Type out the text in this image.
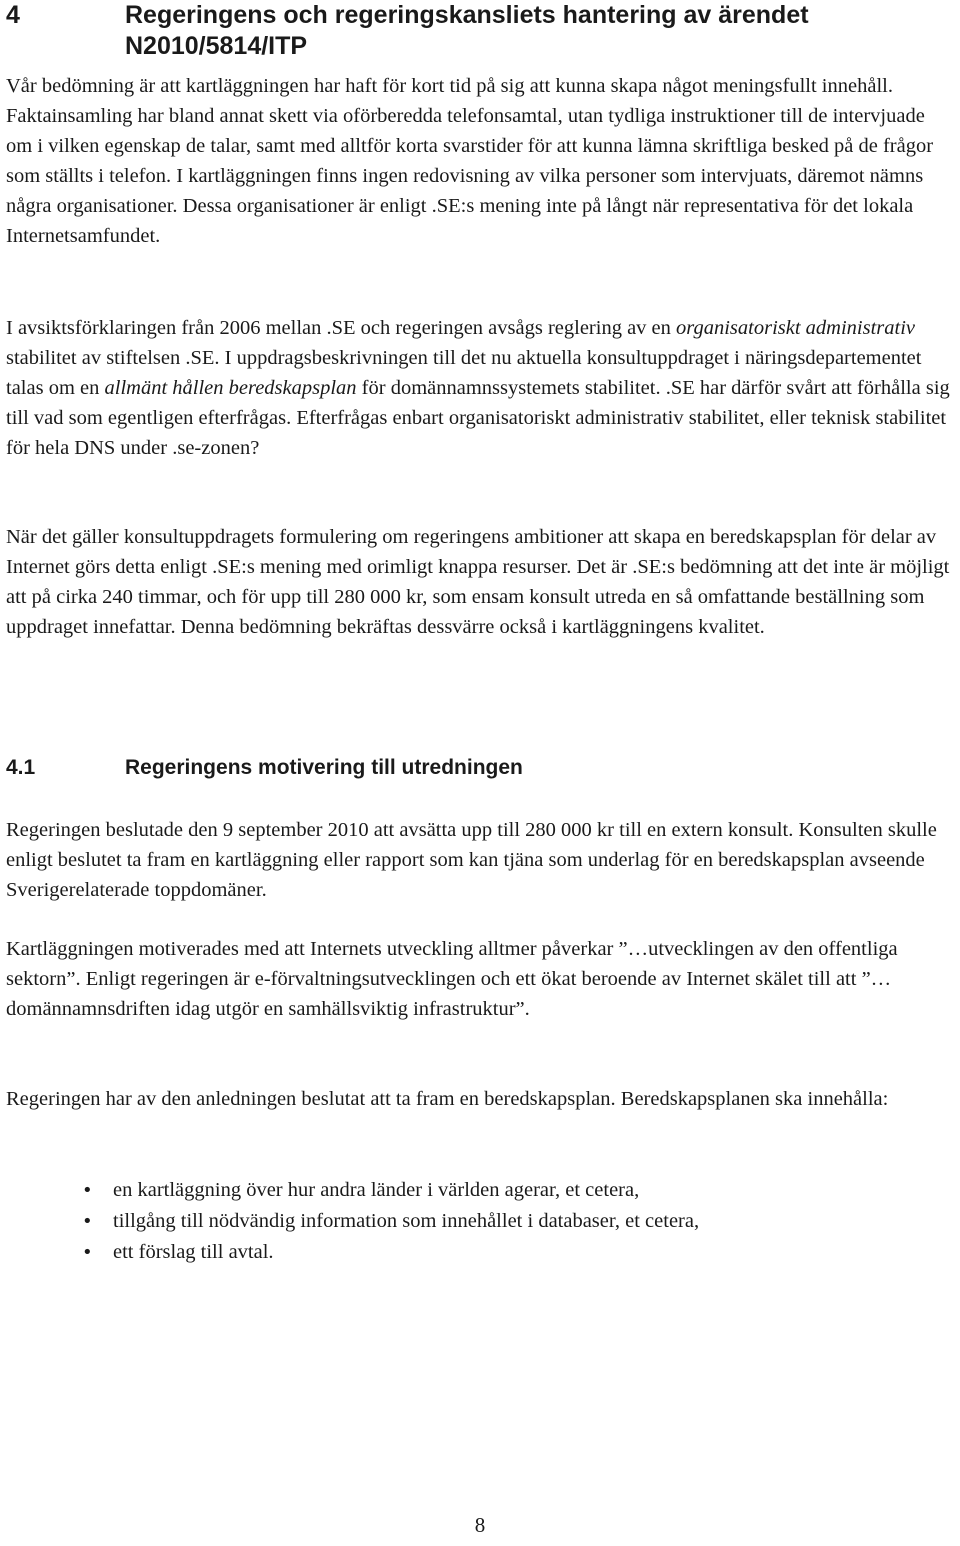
4	Regeringens och regeringskansliets hantering av ärendet N2010/5814/ITP

Vår bedömning är att kartläggningen har haft för kort tid på sig att kunna skapa något meningsfullt innehåll. Faktainsamling har bland annat skett via oförberedda telefonsamtal, utan tydliga instruktioner till de intervjuade om i vilken egenskap de talar, samt med alltför korta svarstider för att kunna lämna skriftliga besked på de frågor som ställts i telefon. I kartläggningen finns ingen redovisning av vilka personer som intervjuats, däremot nämns några organisationer. Dessa organisationer är enligt .SE:s mening inte på långt när representativa för det lokala Internetsamfundet.

I avsiktsförklaringen från 2006 mellan .SE och regeringen avsågs reglering av en organisatoriskt administrativ stabilitet av stiftelsen .SE. I uppdragsbeskrivningen till det nu aktuella konsultuppdraget i näringsdepartementet talas om en allmänt hållen beredskapsplan för domännamnssystemets stabilitet. .SE har därför svårt att förhålla sig till vad som egentligen efterfrågas. Efterfrågas enbart organisatoriskt administrativ stabilitet, eller teknisk stabilitet för hela DNS under .se-zonen?

När det gäller konsultuppdragets formulering om regeringens ambitioner att skapa en beredskapsplan för delar av Internet görs detta enligt .SE:s mening med orimligt knappa resurser. Det är .SE:s bedömning att det inte är möjligt att på cirka 240 timmar, och för upp till 280 000 kr, som ensam konsult utreda en så omfattande beställning som uppdraget innefattar. Denna bedömning bekräftas dessvärre också i kartläggningens kvalitet.

4.1	Regeringens motivering till utredningen

Regeringen beslutade den 9 september 2010 att avsätta upp till 280 000 kr till en extern konsult. Konsulten skulle enligt beslutet ta fram en kartläggning eller rapport som kan tjäna som underlag för en beredskapsplan avseende Sverigerelaterade toppdomäner.

Kartläggningen motiverades med att Internets utveckling alltmer påverkar ”…utvecklingen av den offentliga sektorn”. Enligt regeringen är e-förvaltningsutvecklingen och ett ökat beroende av Internet skälet till att ”…domännamnsdriften idag utgör en samhällsviktig infrastruktur”.

Regeringen har av den anledningen beslutat att ta fram en beredskapsplan. Beredskapsplanen ska innehålla:

• en kartläggning över hur andra länder i världen agerar, et cetera,
• tillgång till nödvändig information som innehållet i databaser, et cetera,
• ett förslag till avtal.
8
